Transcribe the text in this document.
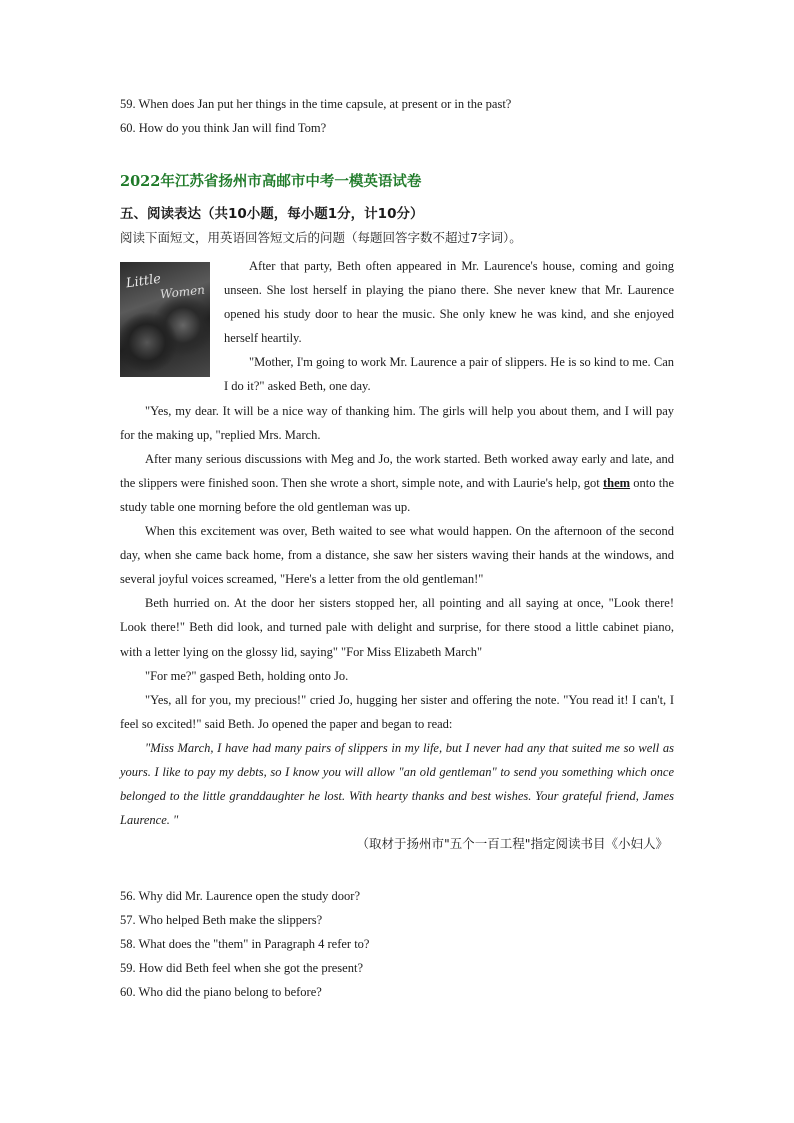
59. When does Jan put her things in the time capsule, at present or in the past?
60. How do you think Jan will find Tom?
2022年江苏省扬州市高邮市中考一模英语试卷
五、阅读表达（共10小题，每小题1分，计10分）
阅读下面短文，用英语回答短文后的问题（每题回答字数不超过7字词）。
Little
Women

After that party, Beth often appeared in Mr. Laurence's house, coming and going unseen. She lost herself in playing the piano there. She never knew that Mr. Laurence opened his study door to hear the music. She only knew he was kind, and she enjoyed herself heartily.

"Mother, I'm going to work Mr. Laurence a pair of slippers. He is so kind to me. Can I do it?" asked Beth, one day.

"Yes, my dear. It will be a nice way of thanking him. The girls will help you about them, and I will pay for the making up, "replied Mrs. March.

After many serious discussions with Meg and Jo, the work started. Beth worked away early and late, and the slippers were finished soon. Then she wrote a short, simple note, and with Laurie's help, got them onto the study table one morning before the old gentleman was up.

When this excitement was over, Beth waited to see what would happen. On the afternoon of the second day, when she came back home, from a distance, she saw her sisters waving their hands at the windows, and several joyful voices screamed, "Here's a letter from the old gentleman!"

Beth hurried on. At the door her sisters stopped her, all pointing and all saying at once, "Look there! Look there!" Beth did look, and turned pale with delight and surprise, for there stood a little cabinet piano, with a letter lying on the glossy lid, saying" "For Miss Elizabeth March"

"For me?" gasped Beth, holding onto Jo.

"Yes, all for you, my precious!" cried Jo, hugging her sister and offering the note. "You read it! I can't, I feel so excited!" said Beth. Jo opened the paper and began to read:

"Miss March, I have had many pairs of slippers in my life, but I never had any that suited me so well as yours. I like to pay my debts, so I know you will allow "an old gentleman" to send you something which once belonged to the little granddaughter he lost. With hearty thanks and best wishes. Your grateful friend, James Laurence. "

（取材于扬州市"五个一百工程"指定阅读书目《小妇人》

56. Why did Mr. Laurence open the study door?
57. Who helped Beth make the slippers?
58. What does the "them" in Paragraph 4 refer to?
59. How did Beth feel when she got the present?
60. Who did the piano belong to before?
